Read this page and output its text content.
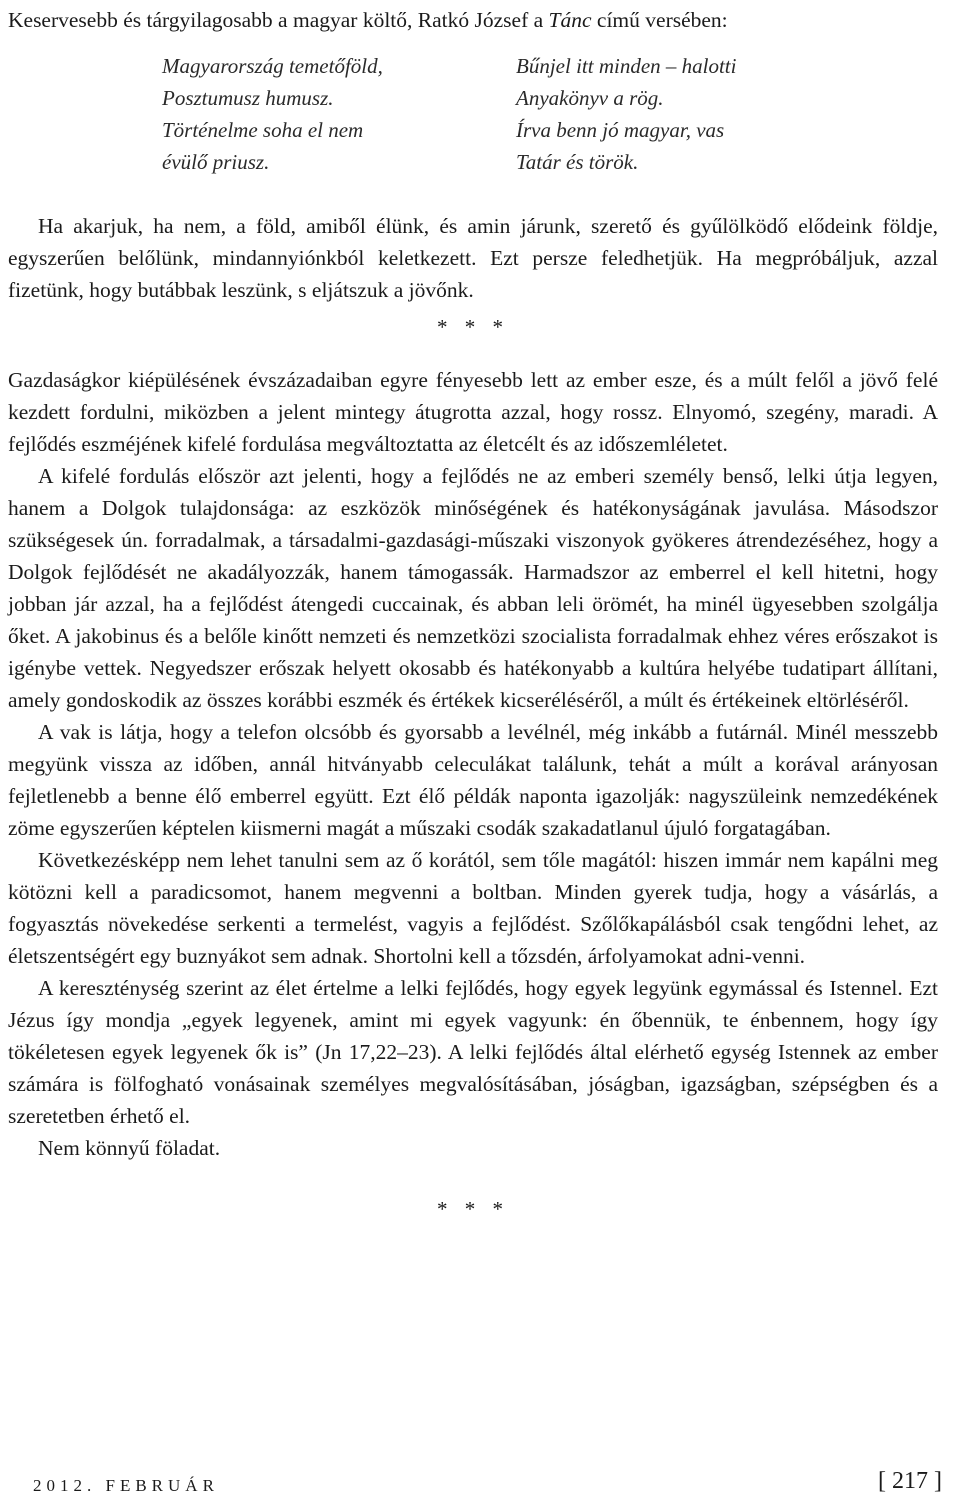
Keservesebb és tárgyilagosabb a magyar költő, Ratkó József a Tánc című versében:
Magyarország temetőföld,
Posztumusz humusz.
Történelme soha el nem
évülő priusz.
Bűnjel itt minden – halotti
Anyakönyv a rög.
Írva benn jó magyar, vas
Tatár és török.

Ha akarjuk, ha nem, a föld, amiből élünk, és amin járunk, szerető és gyűlölködő elődeink földje, egyszerűen belőlünk, mindannyiónkból keletkezett. Ezt persze feledhetjük. Ha megpróbáljuk, azzal fizetünk, hogy butábbak leszünk, s eljátszuk a jövőnk.

* * *

Gazdaságkor kiépülésének évszázadaiban egyre fényesebb lett az ember esze, és a múlt felől a jövő felé kezdett fordulni, miközben a jelent mintegy átugrotta azzal, hogy rossz. Elnyomó, szegény, maradi. A fejlődés eszméjének kifelé fordulása megváltoztatta az életcélt és az időszemléletet.

A kifelé fordulás először azt jelenti, hogy a fejlődés ne az emberi személy benső, lelki útja legyen, hanem a Dolgok tulajdonsága: az eszközök minőségének és hatékonyságának javulása. Másodszor szükségesek ún. forradalmak, a társadalmi-gazdasági-műszaki viszonyok gyökeres átrendezéséhez, hogy a Dolgok fejlődését ne akadályozzák, hanem támogassák. Harmadszor az emberrel el kell hitetni, hogy jobban jár azzal, ha a fejlődést átengedi cuccainak, és abban leli örömét, ha minél ügyesebben szolgálja őket. A jakobinus és a belőle kinőtt nemzeti és nemzetközi szocialista forradalmak ehhez véres erőszakot is igénybe vettek. Negyedszer erőszak helyett okosabb és hatékonyabb a kultúra helyébe tudatipart állítani, amely gondoskodik az összes korábbi eszmék és értékek kicseréléséről, a múlt és értékeinek eltörléséről.

A vak is látja, hogy a telefon olcsóbb és gyorsabb a levélnél, még inkább a futárnál. Minél messzebb megyünk vissza az időben, annál hitványabb celeculákat találunk, tehát a múlt a korával arányosan fejletlenebb a benne élő emberrel együtt. Ezt élő példák naponta igazolják: nagyszüleink nemzedékének zöme egyszerűen képtelen kiismerni magát a műszaki csodák szakadatlanul újuló forgatagában.

Következésképp nem lehet tanulni sem az ő korától, sem tőle magától: hiszen immár nem kapálni meg kötözni kell a paradicsomot, hanem megvenni a boltban. Minden gyerek tudja, hogy a vásárlás, a fogyasztás növekedése serkenti a termelést, vagyis a fejlődést. Szőlőkapálásból csak tengődni lehet, az életszentségért egy buznyákot sem adnak. Shortolni kell a tőzsdén, árfolyamokat adni-venni.

A kereszténység szerint az élet értelme a lelki fejlődés, hogy egyek legyünk egymással és Istennel. Ezt Jézus így mondja „egyek legyenek, amint mi egyek vagyunk: én őbennük, te énbennem, hogy így tökéletesen egyek legyenek ők is” (Jn 17,22–23). A lelki fejlődés által elérhető egység Istennek az ember számára is fölfogható vonásainak személyes megvalósításában, jóságban, igazságban, szépségben és a szeretetben érhető el.

Nem könnyű föladat.

* * *
2012. FEBRUÁR	[ 217 ]
